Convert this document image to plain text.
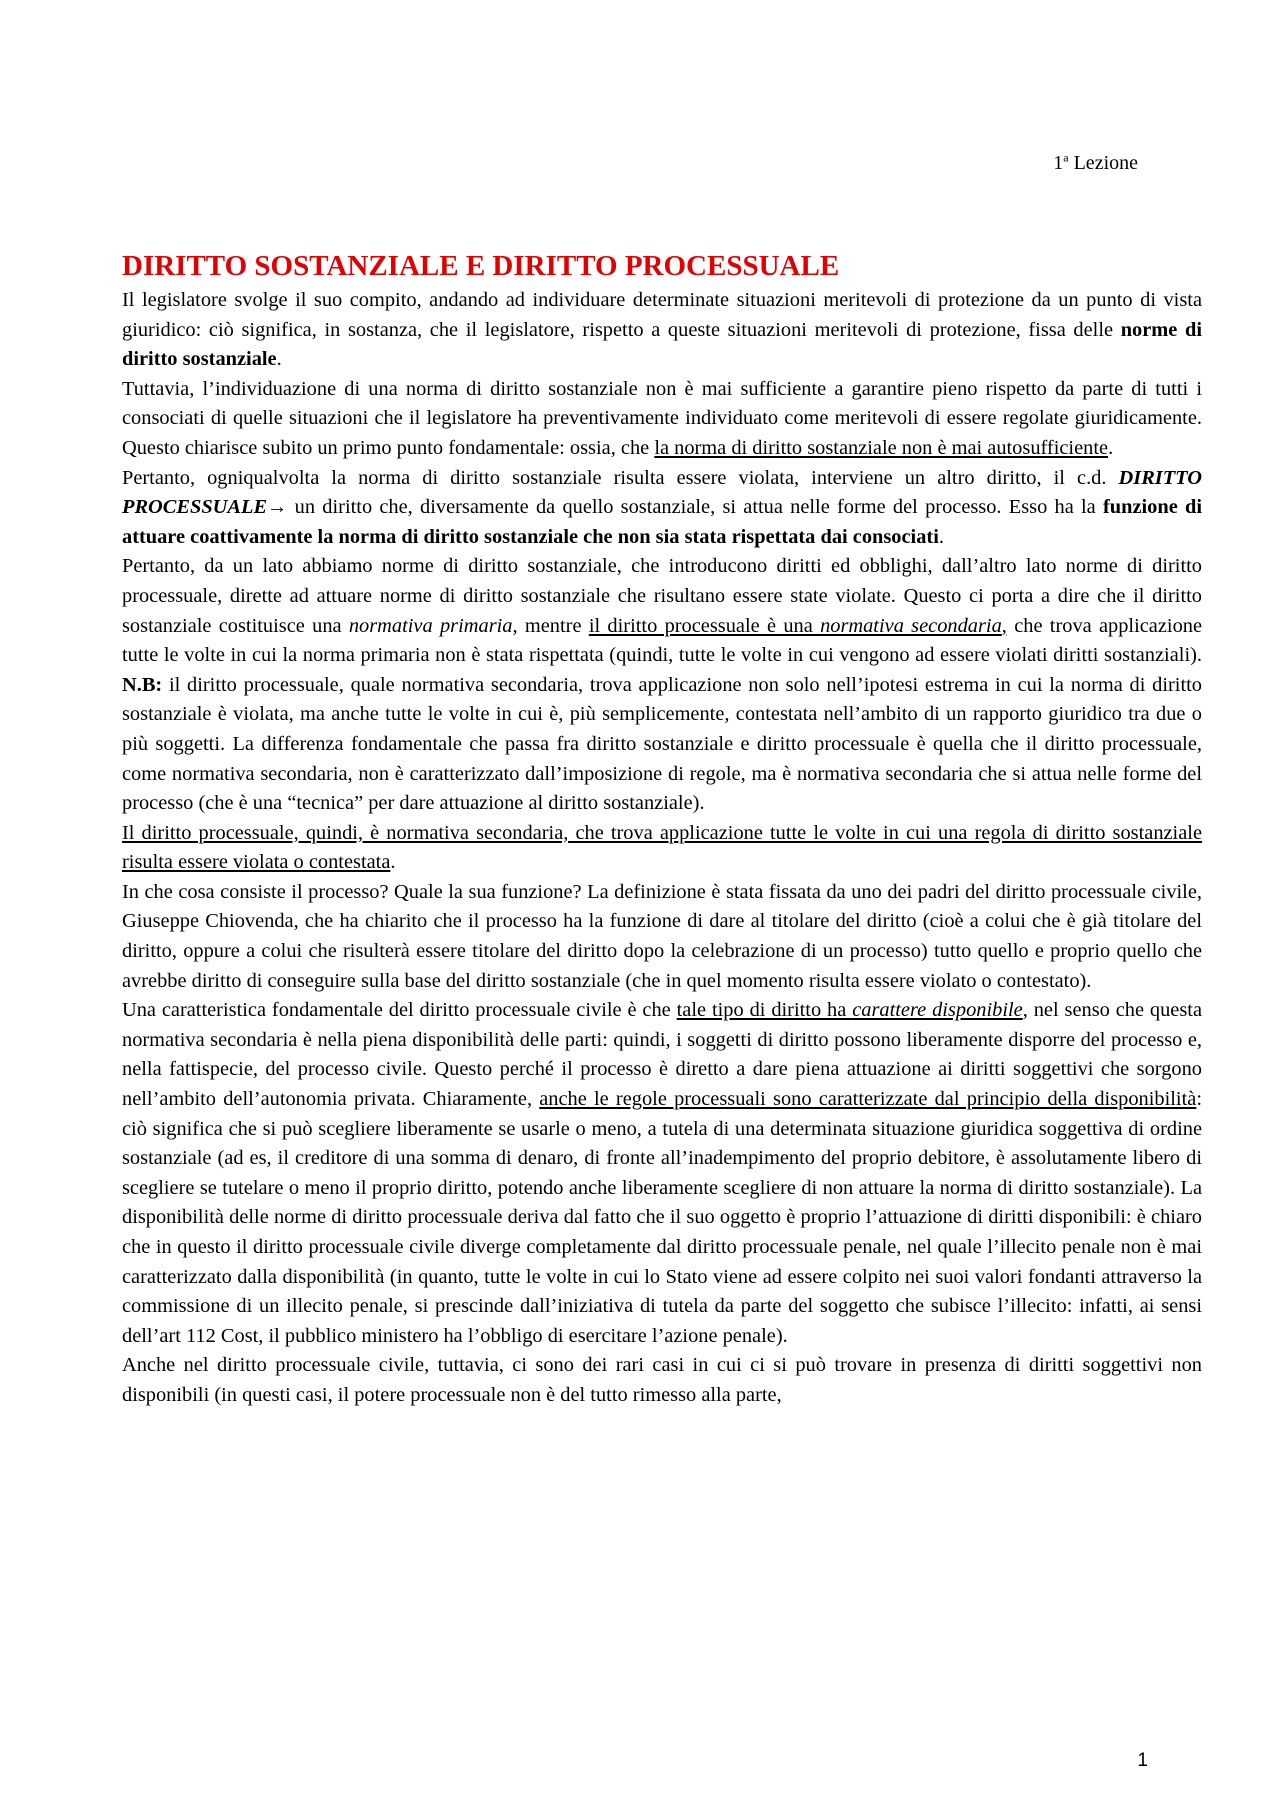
1$^a$ Lezione
DIRITTO SOSTANZIALE E DIRITTO PROCESSUALE

Il legislatore svolge il suo compito, andando ad individuare determinate situazioni meritevoli di protezione da un punto di vista giuridico: ciò significa, in sostanza, che il legislatore, rispetto a queste situazioni meritevoli di protezione, fissa delle norme di diritto sostanziale.

Tuttavia, l’individuazione di una norma di diritto sostanziale non è mai sufficiente a garantire pieno rispetto da parte di tutti i consociati di quelle situazioni che il legislatore ha preventivamente individuato come meritevoli di essere regolate giuridicamente. Questo chiarisce subito un primo punto fondamentale: ossia, che la norma di diritto sostanziale non è mai autosufficiente.

Pertanto, ogniqualvolta la norma di diritto sostanziale risulta essere violata, interviene un altro diritto, il c.d. DIRITTO PROCESSUALE→ un diritto che, diversamente da quello sostanziale, si attua nelle forme del processo. Esso ha la funzione di attuare coattivamente la norma di diritto sostanziale che non sia stata rispettata dai consociati.

Pertanto, da un lato abbiamo norme di diritto sostanziale, che introducono diritti ed obblighi, dall’altro lato norme di diritto processuale, dirette ad attuare norme di diritto sostanziale che risultano essere state violate. Questo ci porta a dire che il diritto sostanziale costituisce una normativa primaria, mentre il diritto processuale è una normativa secondaria, che trova applicazione tutte le volte in cui la norma primaria non è stata rispettata (quindi, tutte le volte in cui vengono ad essere violati diritti sostanziali). N.B: il diritto processuale, quale normativa secondaria, trova applicazione non solo nell’ipotesi estrema in cui la norma di diritto sostanziale è violata, ma anche tutte le volte in cui è, più semplicemente, contestata nell’ambito di un rapporto giuridico tra due o più soggetti. La differenza fondamentale che passa fra diritto sostanziale e diritto processuale è quella che il diritto processuale, come normativa secondaria, non è caratterizzato dall’imposizione di regole, ma è normativa secondaria che si attua nelle forme del processo (che è una “tecnica” per dare attuazione al diritto sostanziale).

Il diritto processuale, quindi, è normativa secondaria, che trova applicazione tutte le volte in cui una regola di diritto sostanziale risulta essere violata o contestata.

In che cosa consiste il processo? Quale la sua funzione? La definizione è stata fissata da uno dei padri del diritto processuale civile, Giuseppe Chiovenda, che ha chiarito che il processo ha la funzione di dare al titolare del diritto (cioè a colui che è già titolare del diritto, oppure a colui che risulterà essere titolare del diritto dopo la celebrazione di un processo) tutto quello e proprio quello che avrebbe diritto di conseguire sulla base del diritto sostanziale (che in quel momento risulta essere violato o contestato).

Una caratteristica fondamentale del diritto processuale civile è che tale tipo di diritto ha carattere disponibile, nel senso che questa normativa secondaria è nella piena disponibilità delle parti: quindi, i soggetti di diritto possono liberamente disporre del processo e, nella fattispecie, del processo civile. Questo perché il processo è diretto a dare piena attuazione ai diritti soggettivi che sorgono nell’ambito dell’autonomia privata. Chiaramente, anche le regole processuali sono caratterizzate dal principio della disponibilità: ciò significa che si può scegliere liberamente se usarle o meno, a tutela di una determinata situazione giuridica soggettiva di ordine sostanziale (ad es, il creditore di una somma di denaro, di fronte all’inadempimento del proprio debitore, è assolutamente libero di scegliere se tutelare o meno il proprio diritto, potendo anche liberamente scegliere di non attuare la norma di diritto sostanziale). La disponibilità delle norme di diritto processuale deriva dal fatto che il suo oggetto è proprio l’attuazione di diritti disponibili: è chiaro che in questo il diritto processuale civile diverge completamente dal diritto processuale penale, nel quale l’illecito penale non è mai caratterizzato dalla disponibilità (in quanto, tutte le volte in cui lo Stato viene ad essere colpito nei suoi valori fondanti attraverso la commissione di un illecito penale, si prescinde dall’iniziativa di tutela da parte del soggetto che subisce l’illecito: infatti, ai sensi dell’art 112 Cost, il pubblico ministero ha l’obbligo di esercitare l’azione penale).

Anche nel diritto processuale civile, tuttavia, ci sono dei rari casi in cui ci si può trovare in presenza di diritti soggettivi non disponibili (in questi casi, il potere processuale non è del tutto rimesso alla parte,

1
